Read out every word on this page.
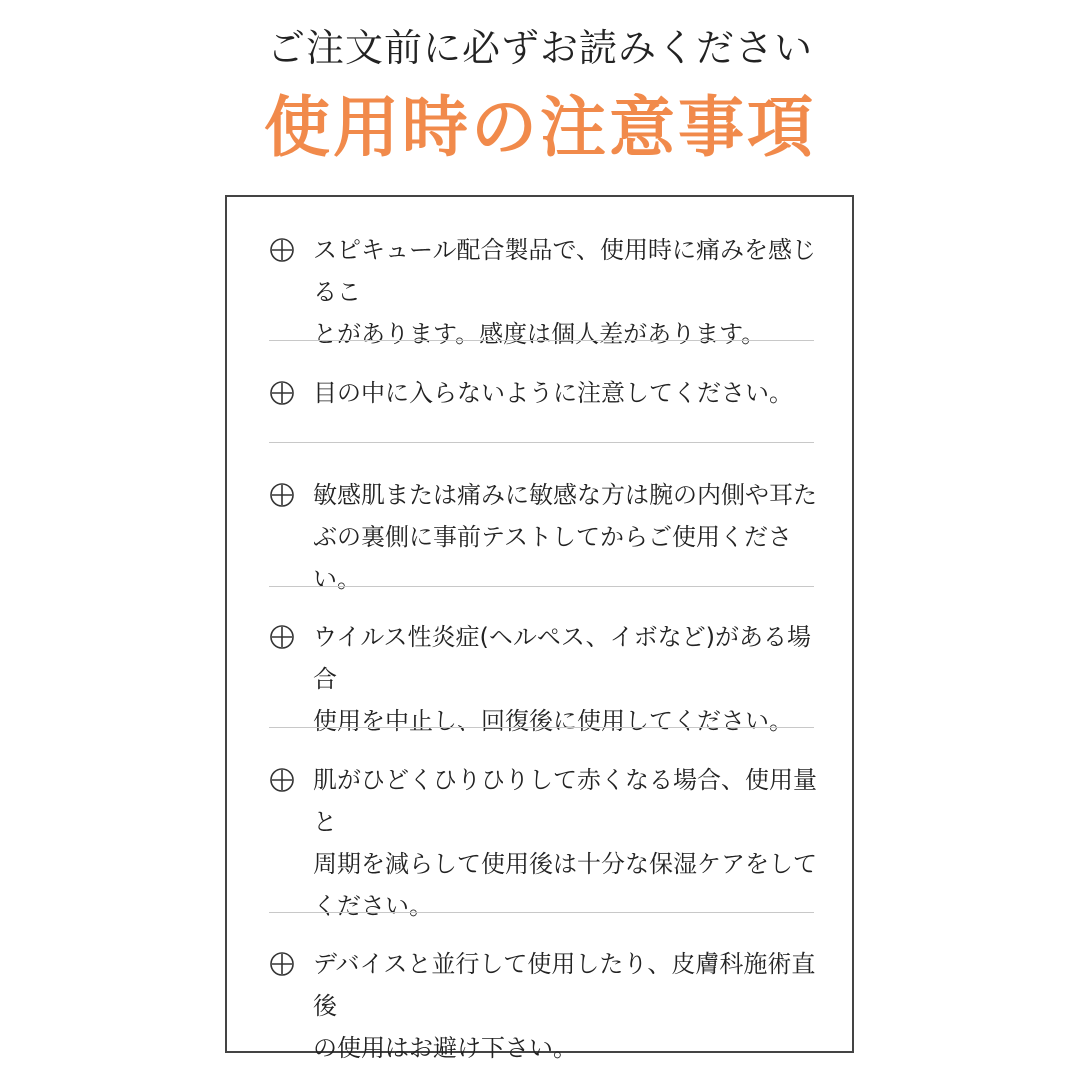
ご注文前に必ずお読みください
使用時の注意事項
スピキュール配合製品で、使用時に痛みを感じるこ
とがあります。感度は個人差があります。
目の中に入らないように注意してください。
敏感肌または痛みに敏感な方は腕の内側や耳た
ぶの裏側に事前テストしてからご使用ください。
ウイルス性炎症(ヘルペス、イボなど)がある場合
使用を中止し、回復後に使用してください。
肌がひどくひりひりして赤くなる場合、使用量と
周期を減らして使用後は十分な保湿ケアをして
ください。
デバイスと並行して使用したり、皮膚科施術直後
の使用はお避け下さい。
